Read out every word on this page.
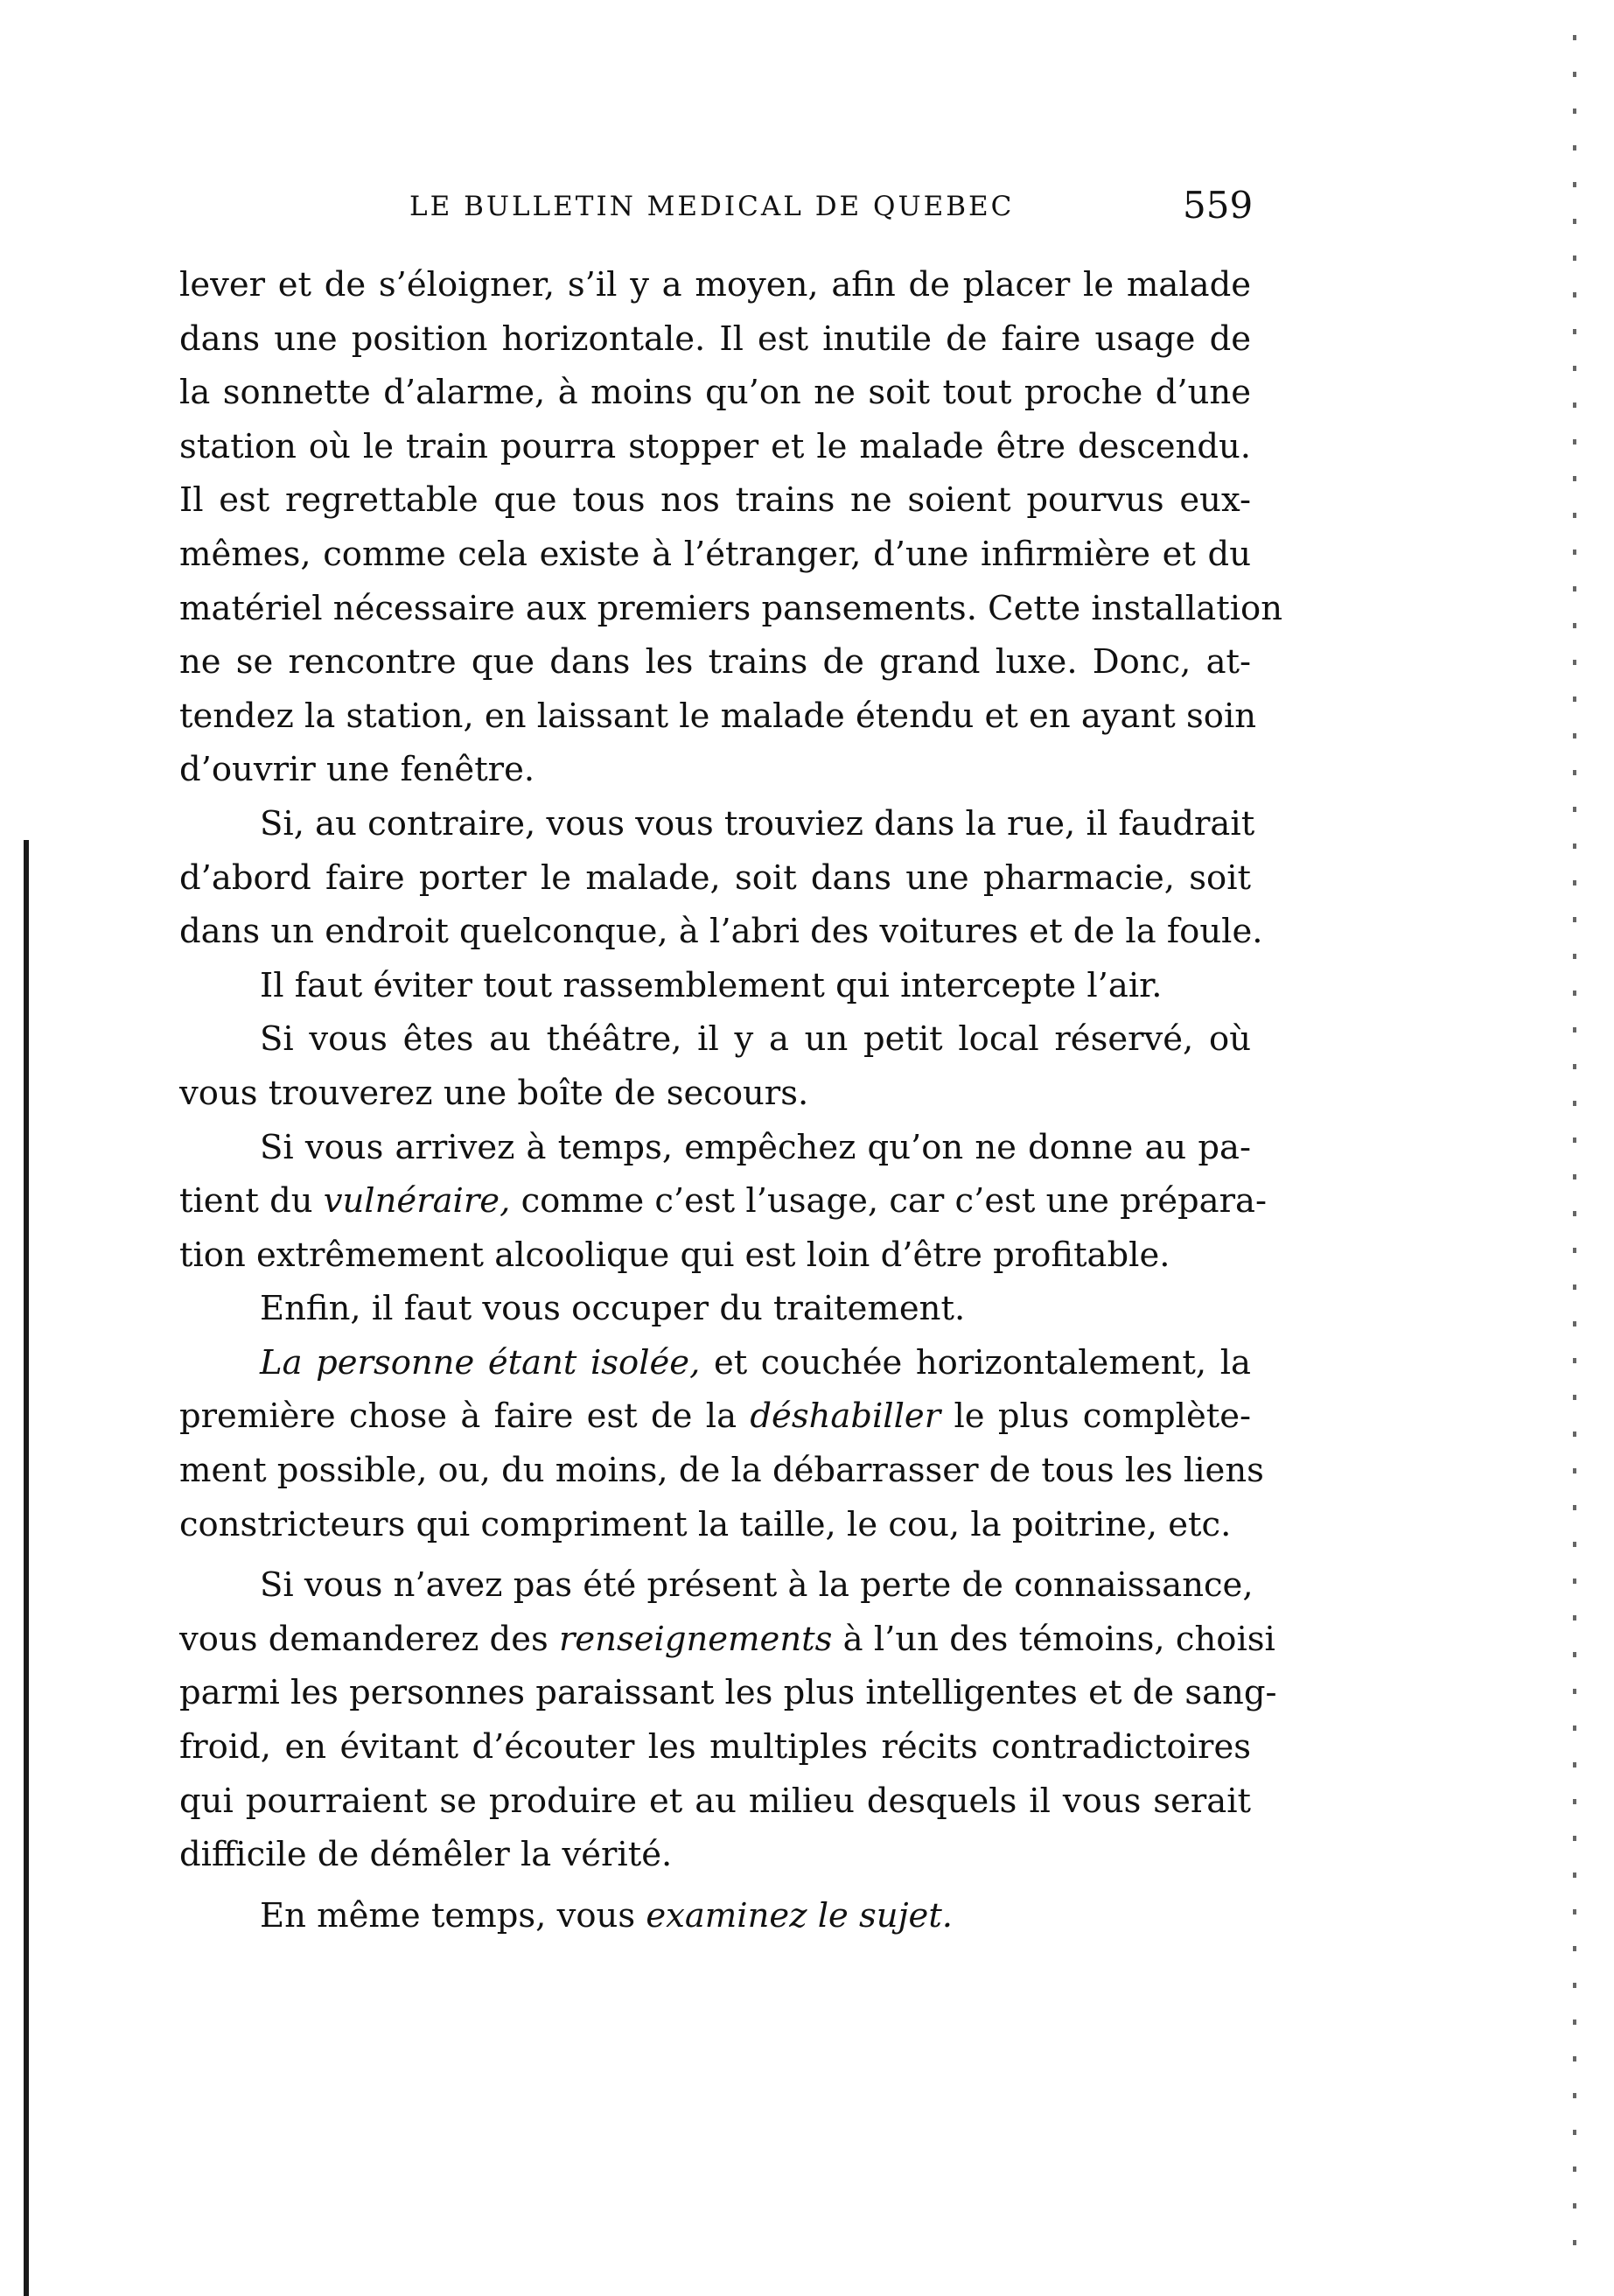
LE BULLETIN MEDICAL DE QUEBEC	559
lever et de s’éloigner, s’il y a moyen, afin de placer le malade
dans une position horizontale. Il est inutile de faire usage de
la sonnette d’alarme, à moins qu’on ne soit tout proche d’une
station où le train pourra stopper et le malade être descendu.
Il est regrettable que tous nos trains ne soient pourvus eux-
mêmes, comme cela existe à l’étranger, d’une infirmière et du
matériel nécessaire aux premiers pansements. Cette installation
ne se rencontre que dans les trains de grand luxe. Donc, at-
tendez la station, en laissant le malade étendu et en ayant soin
d’ouvrir une fenêtre.
Si, au contraire, vous vous trouviez dans la rue, il faudrait
d’abord faire porter le malade, soit dans une pharmacie, soit
dans un endroit quelconque, à l’abri des voitures et de la foule.
Il faut éviter tout rassemblement qui intercepte l’air.
Si vous êtes au théâtre, il y a un petit local réservé, où
vous trouverez une boîte de secours.
Si vous arrivez à temps, empêchez qu’on ne donne au pa-
tient du vulnéraire, comme c’est l’usage, car c’est une prépara-
tion extrêmement alcoolique qui est loin d’être profitable.
Enfin, il faut vous occuper du traitement.
La personne étant isolée, et couchée horizontalement, la
première chose à faire est de la déshabiller le plus complète-
ment possible, ou, du moins, de la débarrasser de tous les liens
constricteurs qui compriment la taille, le cou, la poitrine, etc.
Si vous n’avez pas été présent à la perte de connaissance,
vous demanderez des renseignements à l’un des témoins, choisi
parmi les personnes paraissant les plus intelligentes et de sang-
froid, en évitant d’écouter les multiples récits contradictoires
qui pourraient se produire et au milieu desquels il vous serait
difficile de démêler la vérité.
En même temps, vous examinez le sujet.
